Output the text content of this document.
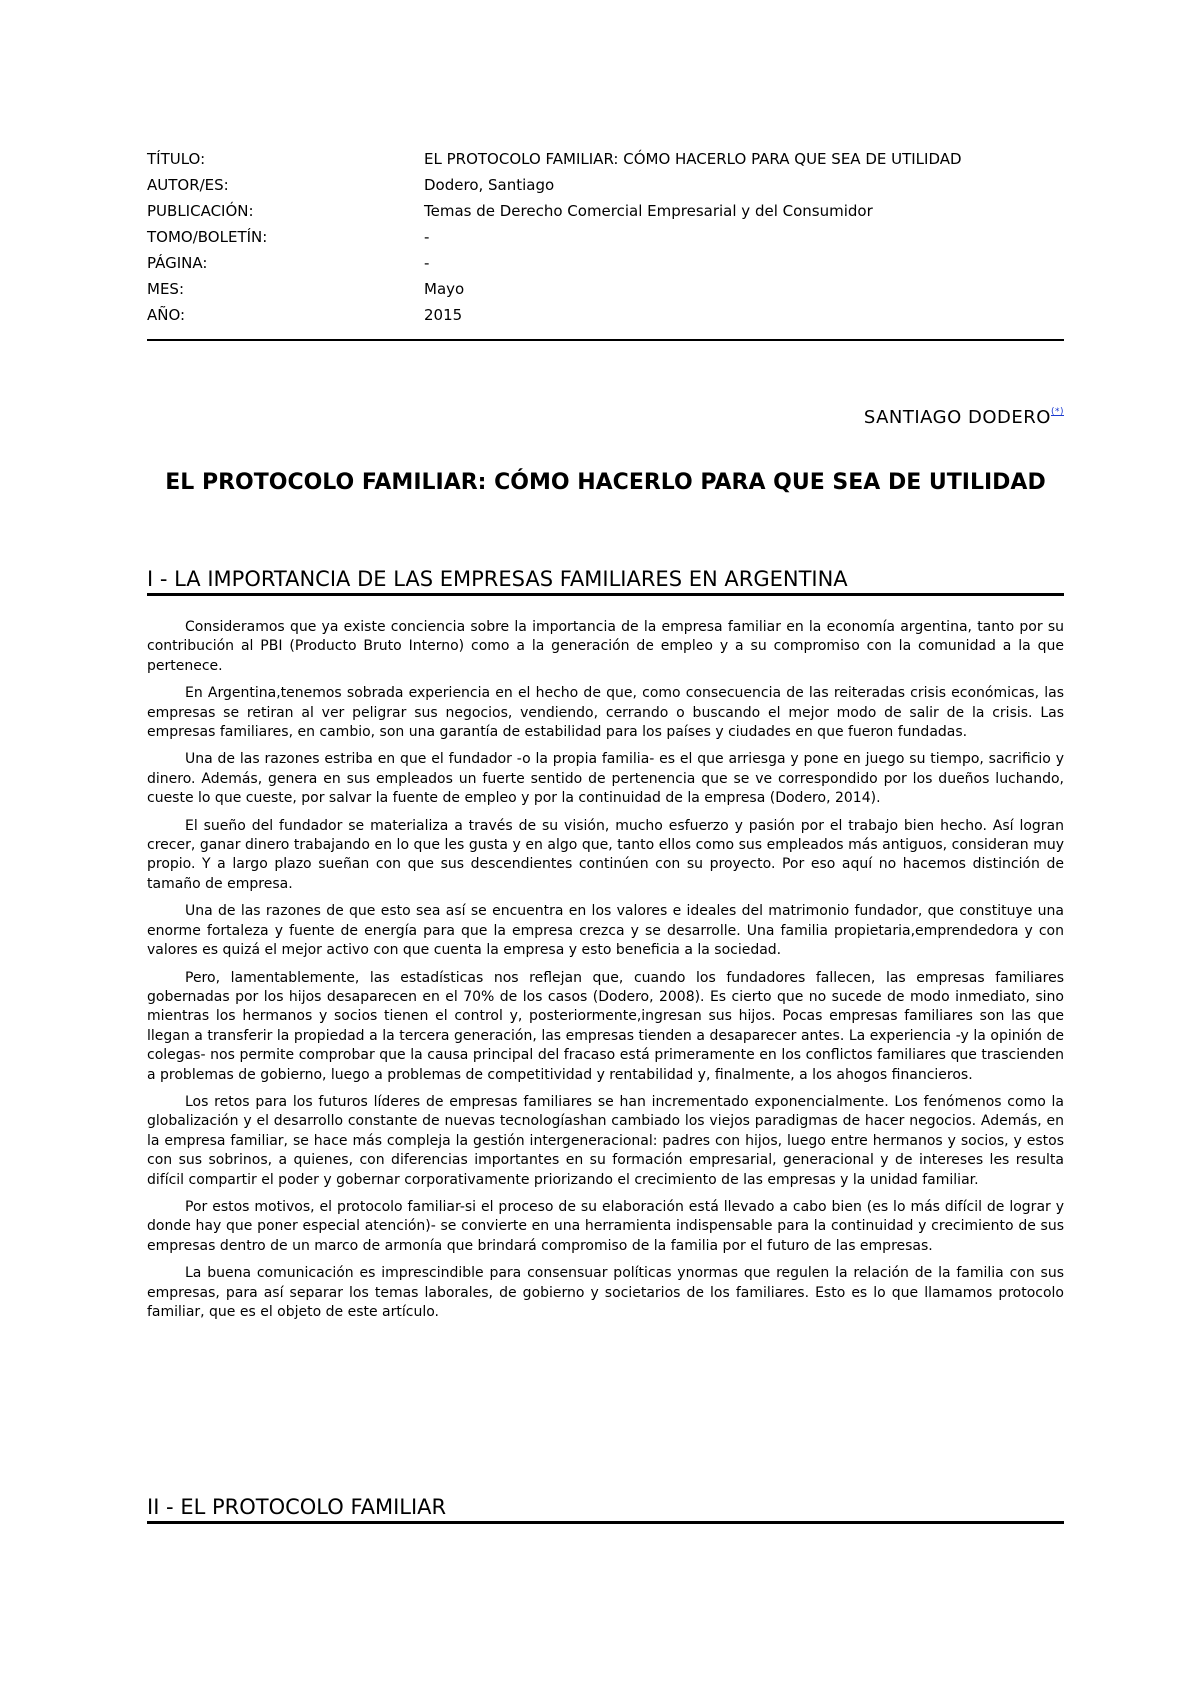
TÍTULO:	EL PROTOCOLO FAMILIAR: CÓMO HACERLO PARA QUE SEA DE UTILIDAD
AUTOR/ES:	Dodero, Santiago
PUBLICACIÓN:	Temas de Derecho Comercial Empresarial y del Consumidor
TOMO/BOLETÍN:	-
PÁGINA:	-
MES:	Mayo
AÑO:	2015
SANTIAGO DODERO(*)
EL PROTOCOLO FAMILIAR: CÓMO HACERLO PARA QUE SEA DE UTILIDAD
I - LA IMPORTANCIA DE LAS EMPRESAS FAMILIARES EN ARGENTINA

Consideramos que ya existe conciencia sobre la importancia de la empresa familiar en la economía argentina, tanto por su contribución al PBI (Producto Bruto Interno) como a la generación de empleo y a su compromiso con la comunidad a la que pertenece.

En Argentina,tenemos sobrada experiencia en el hecho de que, como consecuencia de las reiteradas crisis económicas, las empresas se retiran al ver peligrar sus negocios, vendiendo, cerrando o buscando el mejor modo de salir de la crisis. Las empresas familiares, en cambio, son una garantía de estabilidad para los países y ciudades en que fueron fundadas.

Una de las razones estriba en que el fundador -o la propia familia- es el que arriesga y pone en juego su tiempo, sacrificio y dinero. Además, genera en sus empleados un fuerte sentido de pertenencia que se ve correspondido por los dueños luchando, cueste lo que cueste, por salvar la fuente de empleo y por la continuidad de la empresa (Dodero, 2014).

El sueño del fundador se materializa a través de su visión, mucho esfuerzo y pasión por el trabajo bien hecho. Así logran crecer, ganar dinero trabajando en lo que les gusta y en algo que, tanto ellos como sus empleados más antiguos, consideran muy propio. Y a largo plazo sueñan con que sus descendientes continúen con su proyecto. Por eso aquí no hacemos distinción de tamaño de empresa.

Una de las razones de que esto sea así se encuentra en los valores e ideales del matrimonio fundador, que constituye una enorme fortaleza y fuente de energía para que la empresa crezca y se desarrolle. Una familia propietaria,emprendedora y con valores es quizá el mejor activo con que cuenta la empresa y esto beneficia a la sociedad.

Pero, lamentablemente, las estadísticas nos reflejan que, cuando los fundadores fallecen, las empresas familiares gobernadas por los hijos desaparecen en el 70% de los casos (Dodero, 2008). Es cierto que no sucede de modo inmediato, sino mientras los hermanos y socios tienen el control y, posteriormente,ingresan sus hijos. Pocas empresas familiares son las que llegan a transferir la propiedad a la tercera generación, las empresas tienden a desaparecer antes. La experiencia -y la opinión de colegas- nos permite comprobar que la causa principal del fracaso está primeramente en los conflictos familiares que trascienden a problemas de gobierno, luego a problemas de competitividad y rentabilidad y, finalmente, a los ahogos financieros.

Los retos para los futuros líderes de empresas familiares se han incrementado exponencialmente. Los fenómenos como la globalización y el desarrollo constante de nuevas tecnologíashan cambiado los viejos paradigmas de hacer negocios. Además, en la empresa familiar, se hace más compleja la gestión intergeneracional: padres con hijos, luego entre hermanos y socios, y estos con sus sobrinos, a quienes, con diferencias importantes en su formación empresarial, generacional y de intereses les resulta difícil compartir el poder y gobernar corporativamente priorizando el crecimiento de las empresas y la unidad familiar.

Por estos motivos, el protocolo familiar-si el proceso de su elaboración está llevado a cabo bien (es lo más difícil de lograr y donde hay que poner especial atención)- se convierte en una herramienta indispensable para la continuidad y crecimiento de sus empresas dentro de un marco de armonía que brindará compromiso de la familia por el futuro de las empresas.

La buena comunicación es imprescindible para consensuar políticas ynormas que regulen la relación de la familia con sus empresas, para así separar los temas laborales, de gobierno y societarios de los familiares. Esto es lo que llamamos protocolo familiar, que es el objeto de este artículo.

II - EL PROTOCOLO FAMILIAR
